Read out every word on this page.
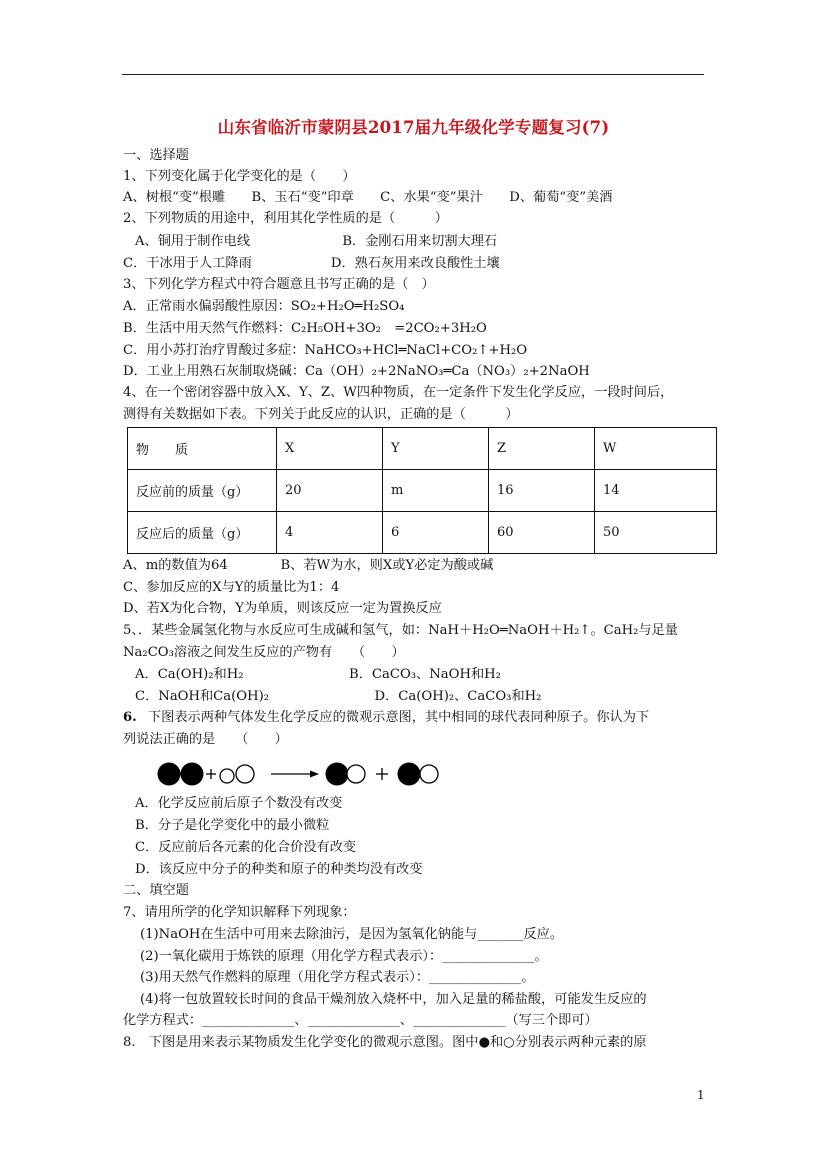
山东省临沂市蒙阴县2017届九年级化学专题复习(7)
一、选择题
1、下列变化属于化学变化的是（　　）
A、树根“变”根雕　　B、玉石“变”印章　　C、水果“变”果汁　　D、葡萄“变”美酒
2、下列物质的用途中，利用其化学性质的是（　　　）
A、铜用于制作电线　　　　　　　B．金刚石用来切割大理石
C．干冰用于人工降雨　　　　　　D．熟石灰用来改良酸性土壤
3、下列化学方程式中符合题意且书写正确的是（　）
A．正常雨水偏弱酸性原因：SO₂+H₂O═H₂SO₄
B．生活中用天然气作燃料：C₂H₅OH+3O₂　=2CO₂+3H₂O
C．用小苏打治疗胃酸过多症：NaHCO₃+HCl═NaCl+CO₂↑+H₂O
D．工业上用熟石灰制取烧碱：Ca（OH）₂+2NaNO₃═Ca（NO₃）₂+2NaOH
4、在一个密闭容器中放入X、Y、Z、W四种物质，在一定条件下发生化学反应，一段时间后，
测得有关数据如下表。下列关于此反应的认识，正确的是（　　　）
物　　质	X	Y	Z	W
反应前的质量（g）	20	m	16	14
反应后的质量（g）	4	6	60	50
A、m的数值为64　　　　B、若W为水，则X或Y必定为酸或碱
C、参加反应的X与Y的质量比为1：4
D、若X为化合物，Y为单质，则该反应一定为置换反应
5、．某些金属氢化物与水反应可生成碱和氢气，如：NaH＋H₂O═NaOH＋H₂↑。CaH₂与足量
Na₂CO₃溶液之间发生反应的产物有　　（　　）
A．Ca(OH)₂和H₂　　　　　　　　B．CaCO₃、NaOH和H₂
C．NaOH和Ca(OH)₂　　　　　　　　D．Ca(OH)₂、CaCO₃和H₂
6. 下图表示两种气体发生化学反应的微观示意图，其中相同的球代表同种原子。你认为下
列说法正确的是　　（　　）
A．化学反应前后原子个数没有改变
B．分子是化学变化中的最小微粒
C．反应前后各元素的化合价没有改变
D．该反应中分子的种类和原子的种类均没有改变
二、填空题
7、请用所学的化学知识解释下列现象：
(1)NaOH在生活中可用来去除油污，是因为氢氧化钠能与_______反应。
(2)一氧化碳用于炼铁的原理（用化学方程式表示）：______________。
(3)用天然气作燃料的原理（用化学方程式表示）：______________。
(4)将一包放置较长时间的食品干燥剂放入烧杯中，加入足量的稀盐酸，可能发生反应的
化学方程式：______________、______________、______________（写三个即可）
8.　下图是用来表示某物质发生化学变化的微观示意图。图中●和○分别表示两种元素的原
1
